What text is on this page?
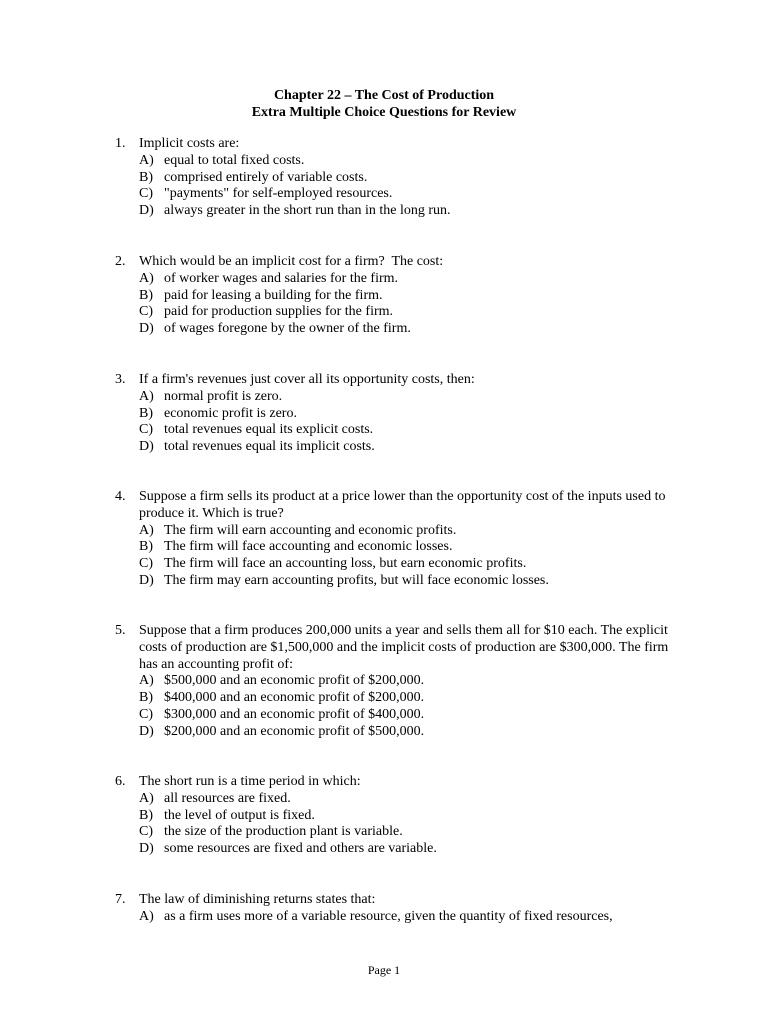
Chapter 22 – The Cost of Production
Extra Multiple Choice Questions for Review
1. Implicit costs are:
A) equal to total fixed costs.
B) comprised entirely of variable costs.
C) "payments" for self-employed resources.
D) always greater in the short run than in the long run.
2. Which would be an implicit cost for a firm?  The cost:
A) of worker wages and salaries for the firm.
B) paid for leasing a building for the firm.
C) paid for production supplies for the firm.
D) of wages foregone by the owner of the firm.
3. If a firm's revenues just cover all its opportunity costs, then:
A) normal profit is zero.
B) economic profit is zero.
C) total revenues equal its explicit costs.
D) total revenues equal its implicit costs.
4. Suppose a firm sells its product at a price lower than the opportunity cost of the inputs used to produce it. Which is true?
A) The firm will earn accounting and economic profits.
B) The firm will face accounting and economic losses.
C) The firm will face an accounting loss, but earn economic profits.
D) The firm may earn accounting profits, but will face economic losses.
5. Suppose that a firm produces 200,000 units a year and sells them all for $10 each. The explicit costs of production are $1,500,000 and the implicit costs of production are $300,000. The firm has an accounting profit of:
A) $500,000 and an economic profit of $200,000.
B) $400,000 and an economic profit of $200,000.
C) $300,000 and an economic profit of $400,000.
D) $200,000 and an economic profit of $500,000.
6. The short run is a time period in which:
A) all resources are fixed.
B) the level of output is fixed.
C) the size of the production plant is variable.
D) some resources are fixed and others are variable.
7. The law of diminishing returns states that:
A) as a firm uses more of a variable resource, given the quantity of fixed resources,
Page 1
